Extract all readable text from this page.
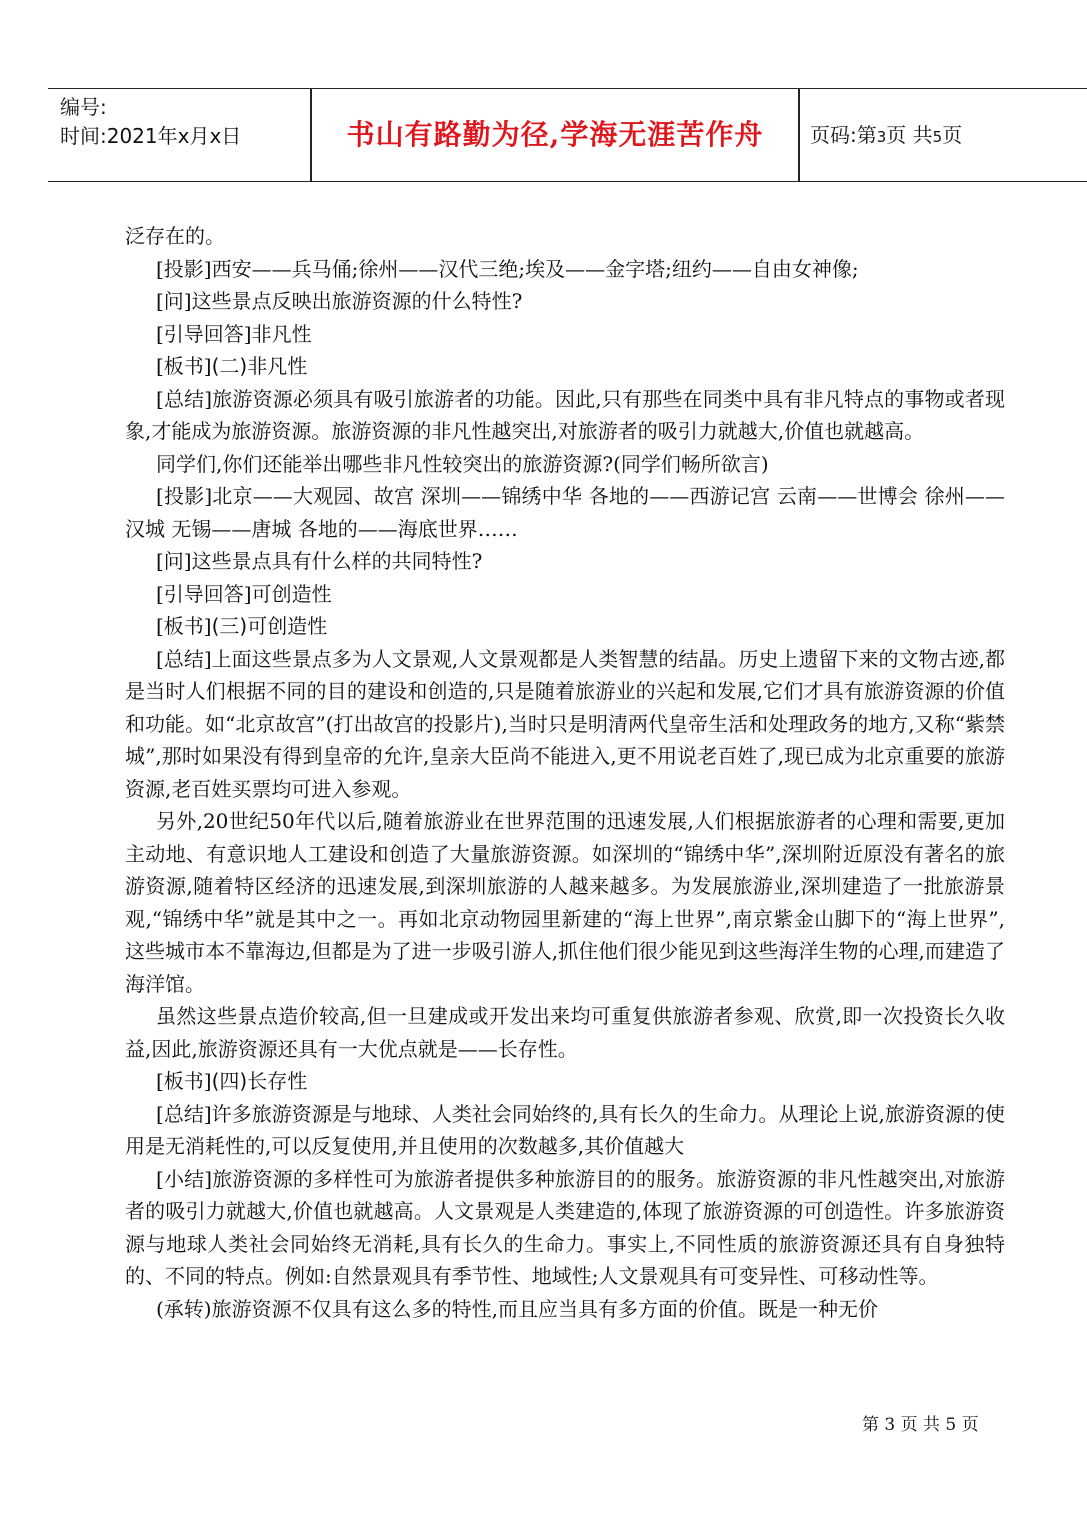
编号:
时间:2021年x月x日	书山有路勤为径,学海无涯苦作舟	页码:第3页 共5页

泛存在的。

[投影]西安——兵马俑;徐州——汉代三绝;埃及——金字塔;纽约——自由女神像;

[问]这些景点反映出旅游资源的什么特性?

[引导回答]非凡性

[板书](二)非凡性

[总结]旅游资源必须具有吸引旅游者的功能。因此,只有那些在同类中具有非凡特点的事物或者现象,才能成为旅游资源。旅游资源的非凡性越突出,对旅游者的吸引力就越大,价值也就越高。

同学们,你们还能举出哪些非凡性较突出的旅游资源?(同学们畅所欲言)

[投影]北京——大观园、故宫 深圳——锦绣中华 各地的——西游记宫 云南——世博会 徐州——汉城 无锡——唐城 各地的——海底世界……

[问]这些景点具有什么样的共同特性?

[引导回答]可创造性

[板书](三)可创造性

[总结]上面这些景点多为人文景观,人文景观都是人类智慧的结晶。历史上遗留下来的文物古迹,都是当时人们根据不同的目的建设和创造的,只是随着旅游业的兴起和发展,它们才具有旅游资源的价值和功能。如“北京故宫”(打出故宫的投影片),当时只是明清两代皇帝生活和处理政务的地方,又称“紫禁城”,那时如果没有得到皇帝的允许,皇亲大臣尚不能进入,更不用说老百姓了,现已成为北京重要的旅游资源,老百姓买票均可进入参观。

另外,20世纪50年代以后,随着旅游业在世界范围的迅速发展,人们根据旅游者的心理和需要,更加主动地、有意识地人工建设和创造了大量旅游资源。如深圳的“锦绣中华”,深圳附近原没有著名的旅游资源,随着特区经济的迅速发展,到深圳旅游的人越来越多。为发展旅游业,深圳建造了一批旅游景观,“锦绣中华”就是其中之一。再如北京动物园里新建的“海上世界”,南京紫金山脚下的“海上世界”,这些城市本不靠海边,但都是为了进一步吸引游人,抓住他们很少能见到这些海洋生物的心理,而建造了海洋馆。

虽然这些景点造价较高,但一旦建成或开发出来均可重复供旅游者参观、欣赏,即一次投资长久收益,因此,旅游资源还具有一大优点就是——长存性。

[板书](四)长存性

[总结]许多旅游资源是与地球、人类社会同始终的,具有长久的生命力。从理论上说,旅游资源的使用是无消耗性的,可以反复使用,并且使用的次数越多,其价值越大

[小结]旅游资源的多样性可为旅游者提供多种旅游目的的服务。旅游资源的非凡性越突出,对旅游者的吸引力就越大,价值也就越高。人文景观是人类建造的,体现了旅游资源的可创造性。许多旅游资源与地球人类社会同始终无消耗,具有长久的生命力。事实上,不同性质的旅游资源还具有自身独特的、不同的特点。例如:自然景观具有季节性、地域性;人文景观具有可变异性、可移动性等。

(承转)旅游资源不仅具有这么多的特性,而且应当具有多方面的价值。既是一种无价

第 3 页 共 5 页
